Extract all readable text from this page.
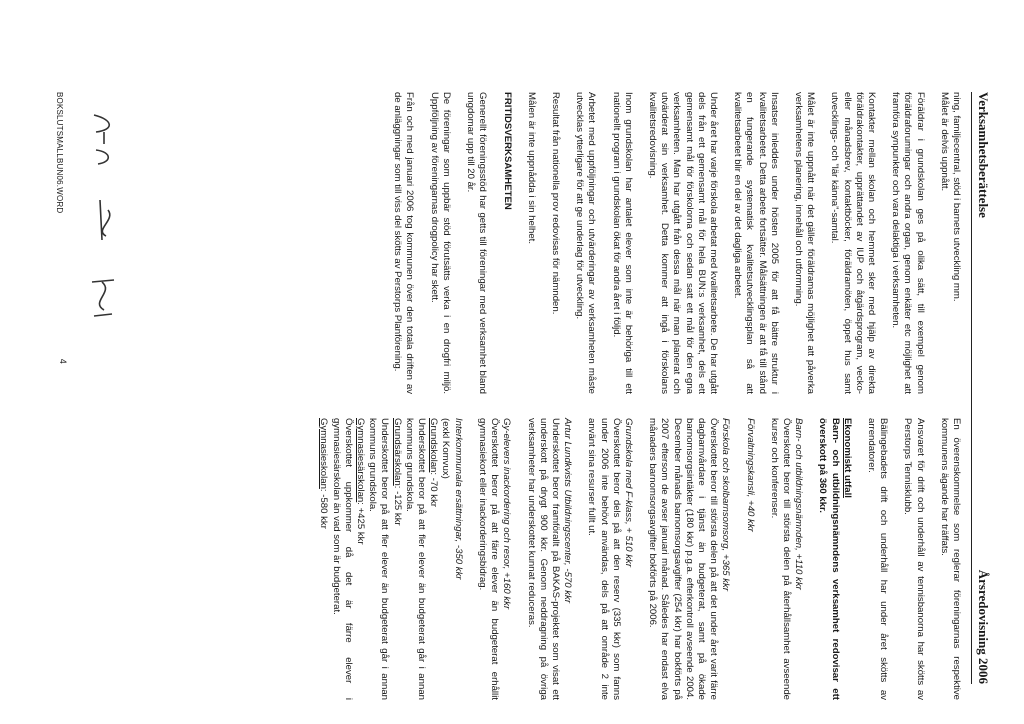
Verksamhetsberättelse
Årsredovisning 2006

ning, familjecentral, stöd i barnets utveckling mm.

Målet är delvis uppnått.

Föräldrar i grundskolan ges på olika sätt, till exempel genom föräldraforumingar och andra organ, genom enkäter etc möjlighet att framföra synpunkter och vara delaktiga i verksamheten.

Kontakter mellan skolan och hemmet sker med hjälp av direkta föräldrakontakter, upprättandet av IUP och åtgärdsprogram, vecko- eller månadsbrev, kontaktböcker, föräldramöten, öppet hus samt utvecklings- och ”lär känna”-samtal.

Målet är inte uppnått när det gäller föräldramas möjlighet att påverka verksamhetens planering, innehåll och utformning.

Insatser inleddes under hösten 2005 för att få bättre struktur i kvalitetsarbetet. Detta arbete fortsätter. Målsättningen är att få till stånd en fungerande systematisk kvalitetsutvecklingsplan så att kvalitetsarbetet blir en del av det dagliga arbetet.

Under året har varje förskola arbetat med kvalitetsarbete. De har utgått dels från ett gemensamt mål för hela BUN:s verksamhet, dels ett gemensamt mål för förskolorna och sedan satt ett mål för den egna verksamheten. Man har utgått från dessa mål när man planerat och utvärderat sin verksamhet. Detta kommer att ingå i förskolans kvalitetsredovisning.

Inom grundskolan har antalet elever som inte är behöriga till ett nationellt program i grundskolan ökat för andra året i följd.

Arbetet med uppföljningar och utvärderingar av verksamheten måste utvecklas ytterligare för att ge underlag för utveckling.

Resultat från nationella prov redovisas för nämnden.

Målen är inte uppnådda i sin helhet.

FRITIDSVERKSAMHETEN

Generellt föreningsstöd har getts till föreningar med verksamhet bland ungdomar upp till 20 år.

De föreningar som uppbär stöd förutsätts verka i en drogfri miljö. Uppföljning av föreningarnas drogpolicy har skett.

Från och med januari 2006 tog kommunen över den totala driften av de anläggningar som till viss del skötts av Perstorps Planförening.

En överenskommelse som reglerar föreningarnas respektive kommunens ägande har träffats.

Ansvaret för drift och underhåll av tennisbanorna har skötts av Perstorps Tennisklubb.

Bälingebadets drift och underhåll har under året skötts av arrendatorer.

Ekonomiskt utfall

Barn- och utbildningsnämndens verksamhet redovisar ett överskott på 360 kkr.

Barn- och utbildningsnämnden, +110 kkr

Överskottet beror till största delen på återhållsamhet avseende kurser och konferenser.

Förvaltningskansli, +40 kkr

Förskola och skolbarnsomsorg, +365 kkr

Överskottet beror till största delen på att det under året varit färre dagbarnvårdare i tjänst än budgeterat, samt på ökade barnomsorgsintäkter (180 kkr) p.g.a. efterkontroll avseende 2004. December månads barnomsorgsavgifter (254 kkr) har bokförts på 2007 eftersom de avser januari månad. Således har endast elva månaders barnomsorgsavgifter bokförts på 2006.

Grundskola med F-klass, + 510 kkr

Överskottet beror dels på att den reserv (335 kkr) som fanns under 2006 inte behövt användas, dels på att område 2 inte använt sina resurser fullt ut.

Artur Lundkvists Utbildningscenter, -570 kkr

Underskottet beror framförallt på BAKAS-projektet som visat ett underskott på drygt 900 kkr. Genom neddragning på övriga verksamheter har underskottet kunnat reduceras.

Gy-elevers inackordering och resor, +160 kkr

Överskottet beror på att färre elever än budgeterat erhållit gymnasiekort eller inackorderingsbidrag.

Interkommunala ersättningar, -350 kkr

(exkl Komvux)

Grundskolan: -70 kkr

Underskottet beror på att fler elever än budgeterat går i annan kommuns grundskola.

Grundsärskolan: -125 kkr

Underskottet beror på att fler elever än budgeterat går i annan kommuns grundskola.

Gymnasiesärskolan: +425 kkr

Överskottet uppkommer då det är färre elever i gymnasiesärskolan än vad som är budgeterat.

Gymnasieskolan: -580 kkr

BOKSLUTSMALLBUN06.WORD
4
